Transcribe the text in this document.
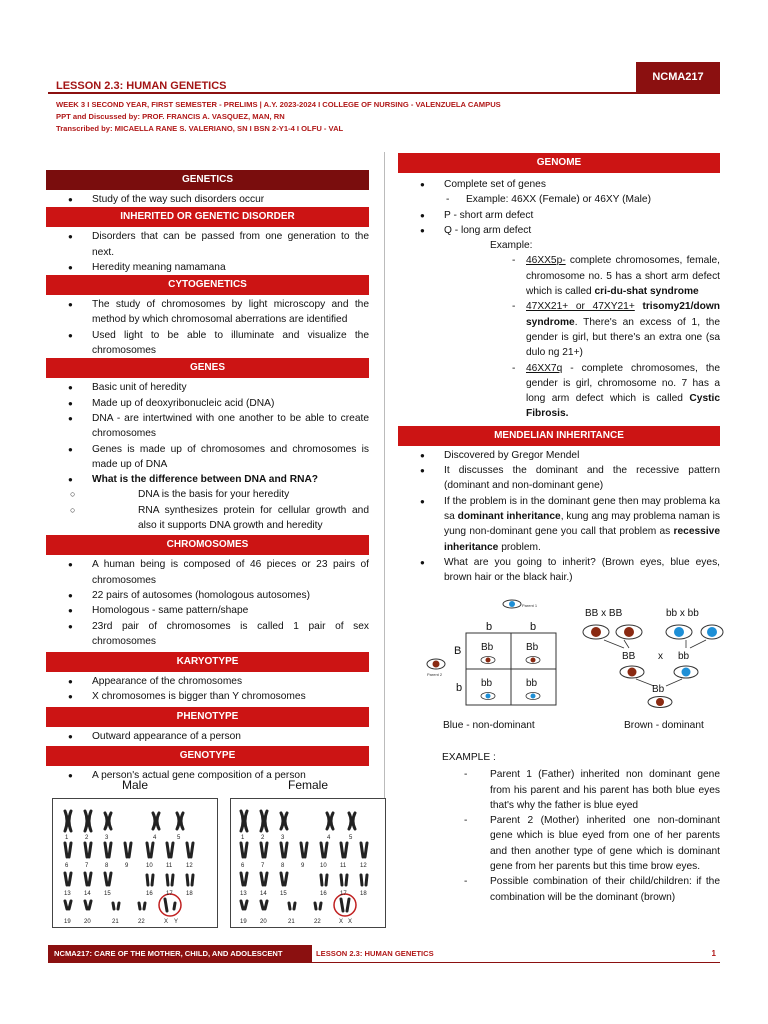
NCMA217
LESSON 2.3: HUMAN GENETICS
WEEK 3 I SECOND YEAR, FIRST SEMESTER - PRELIMS | A.Y. 2023-2024 I COLLEGE OF NURSING - VALENZUELA CAMPUS
PPT and Discussed by: PROF. FRANCIS A. VASQUEZ, MAN, RN
Transcribed by: MICAELLA RANE S. VALERIANO, SN I BSN 2-Y1-4 I OLFU - VAL
GENETICS
● Study of the way such disorders occur
INHERITED OR GENETIC DISORDER
● Disorders that can be passed from one generation to the next.
● Heredity meaning namamana
CYTOGENETICS
● The study of chromosomes by light microscopy and the method by which chromosomal aberrations are identified
● Used light to be able to illuminate and visualize the chromosomes
GENES
● Basic unit of heredity
● Made up of deoxyribonucleic acid (DNA)
● DNA - are intertwined with one another to be able to create chromosomes
● Genes is made up of chromosomes and chromosomes is made up of DNA
● What is the difference between DNA and RNA?
○ DNA is the basis for your heredity
○ RNA synthesizes protein for cellular growth and also it supports DNA growth and heredity
CHROMOSOMES
● A human being is composed of 46 pieces or 23 pairs of chromosomes
● 22 pairs of autosomes (homologous autosomes)
● Homologous - same pattern/shape
● 23rd pair of chromosomes is called 1 pair of sex chromosomes
KARYOTYPE
● Appearance of the chromosomes
● X chromosomes is bigger than Y chromosomes
PHENOTYPE
● Outward appearance of a person
GENOTYPE
● A person's actual gene composition of a person
Male
1	2	3	4	5
6	7	8	9	10 11 12
13 14 15	16 17 18
19 20	21	22	X Y
Female
1	2	3	4	5
6	7	8	9	10 11 12
13 14 15	16 17 18
19 20	21	22	X X
GENOME
● Complete set of genes
- Example: 46XX (Female) or 46XY (Male)
● P - short arm defect
● Q - long arm defect
Example:
- 46XX5p- complete chromosomes, female, chromosome no. 5 has a short arm defect which is called cri-du-shat syndrome
- 47XX21+ or 47XY21+ trisomy21/down syndrome. There's an excess of 1, the gender is girl, but there's an extra one (sa dulo ng 21+)
- 46XX7q - complete chromosomes, the gender is girl, chromosome no. 7 has a long arm defect which is called Cystic Fibrosis.
MENDELIAN INHERITANCE
● Discovered by Gregor Mendel
● It discusses the dominant and the recessive pattern (dominant and non-dominant gene)
● If the problem is in the dominant gene then may problema ka sa dominant inheritance, kung ang may problema naman is yung non-dominant gene you call that problem as recessive inheritance problem.
● What are you going to inherit? (Brown eyes, blue eyes, brown hair or the black hair.)
Parent 1
Parent 2
b	b
B
b
Bb	Bb
bb	bb
BB x BB	bb x bb
BB x bb
Bb
Blue - non-dominant	Brown - dominant
EXAMPLE :
- Parent 1 (Father) inherited non dominant gene from his parent and his parent has both blue eyes that's why the father is blue eyed
- Parent 2 (Mother) inherited one non-dominant gene which is blue eyed from one of her parents and then another type of gene which is dominant gene from her parents but this time brow eyes.
- Possible combination of their child/children: if the combination will be the dominant (brown)
NCMA217: CARE OF THE MOTHER, CHILD, AND ADOLESCENT	LESSON 2.3: HUMAN GENETICS	1
